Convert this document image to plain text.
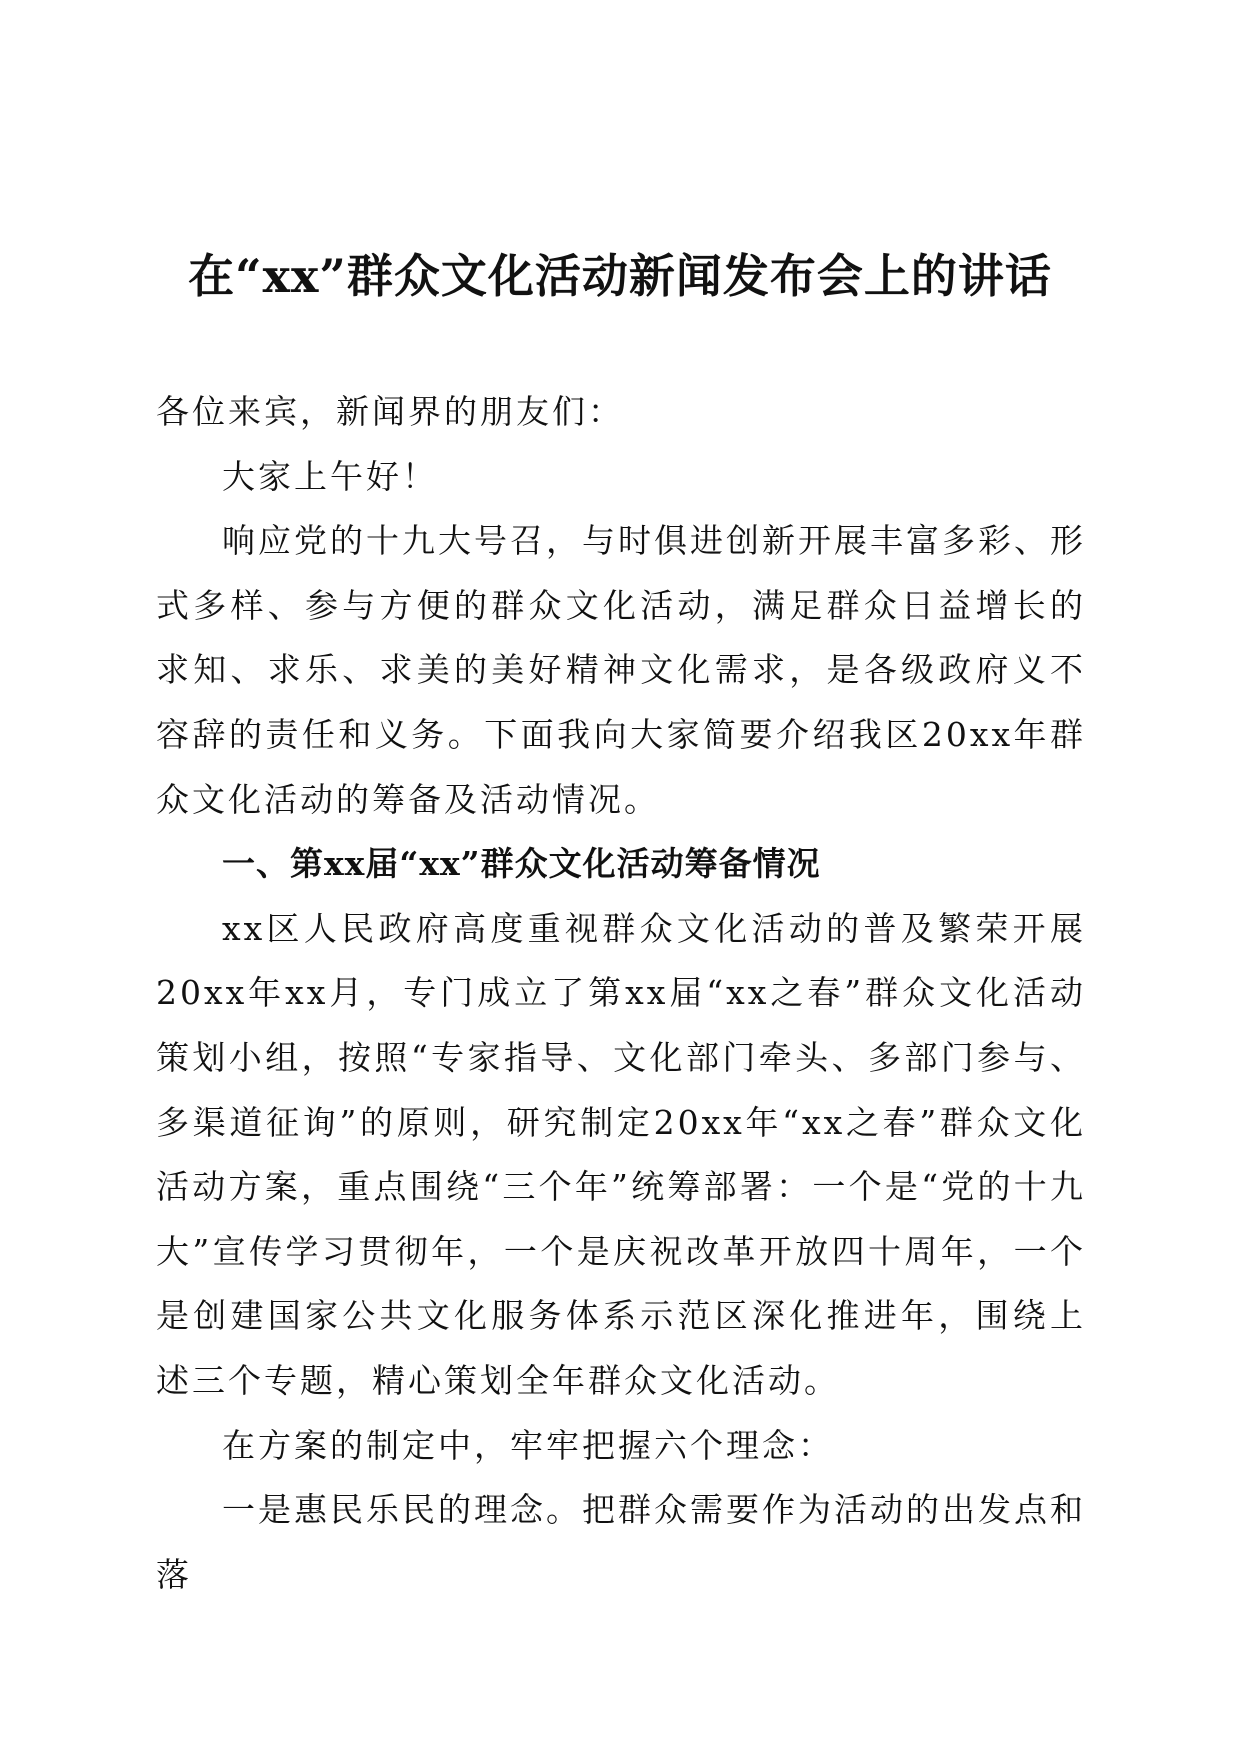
在“xx”群众文化活动新闻发布会上的讲话

各位来宾，新闻界的朋友们：

大家上午好！

响应党的十九大号召，与时俱进创新开展丰富多彩、形式多样、参与方便的群众文化活动，满足群众日益增长的求知、求乐、求美的美好精神文化需求，是各级政府义不容辞的责任和义务。下面我向大家简要介绍我区20xx年群众文化活动的筹备及活动情况。

一、第xx届“xx”群众文化活动筹备情况

xx区人民政府高度重视群众文化活动的普及繁荣开展20xx年xx月，专门成立了第xx届“xx之春”群众文化活动策划小组，按照“专家指导、文化部门牵头、多部门参与、多渠道征询”的原则，研究制定20xx年“xx之春”群众文化活动方案，重点围绕“三个年”统筹部署：一个是“党的十九大”宣传学习贯彻年，一个是庆祝改革开放四十周年，一个是创建国家公共文化服务体系示范区深化推进年，围绕上述三个专题，精心策划全年群众文化活动。

在方案的制定中，牢牢把握六个理念：

一是惠民乐民的理念。把群众需要作为活动的出发点和落
